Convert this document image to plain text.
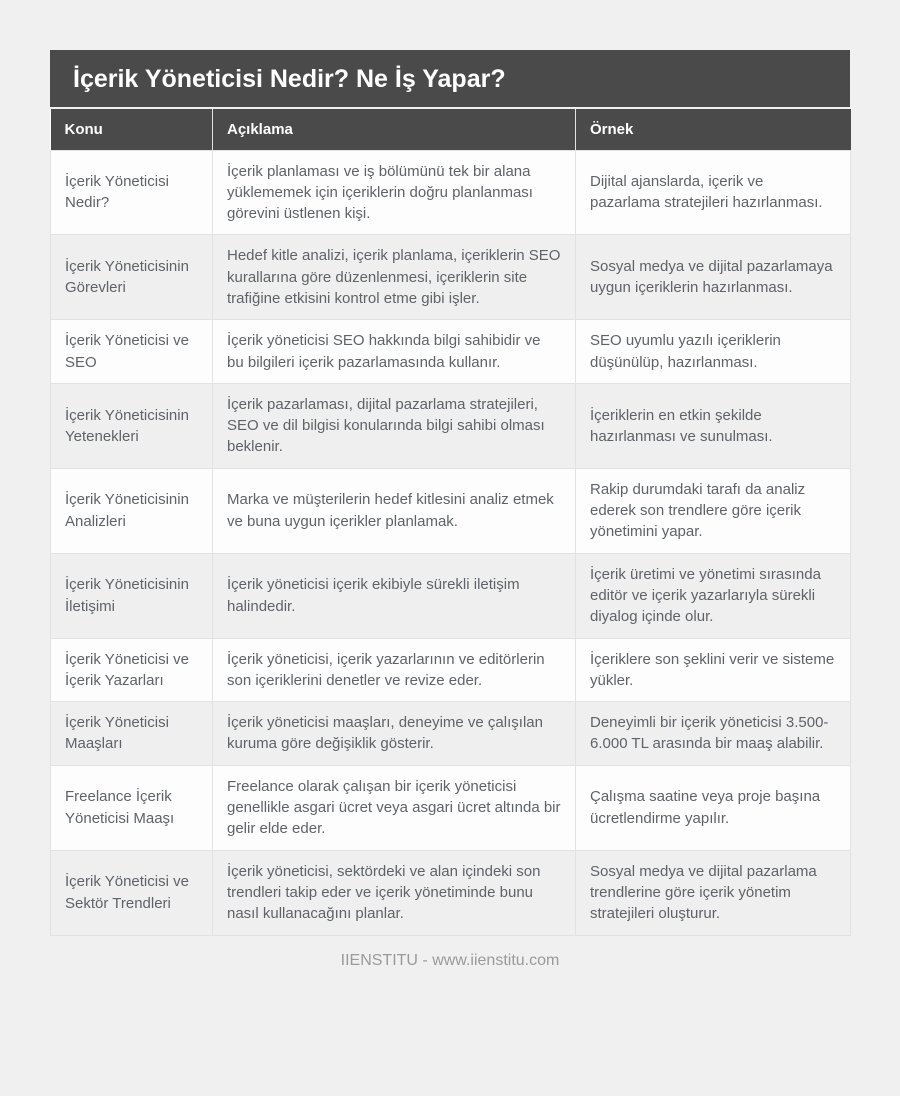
İçerik Yöneticisi Nedir? Ne İş Yapar?
Konu	Açıklama	Örnek
İçerik Yöneticisi Nedir?	İçerik planlaması ve iş bölümünü tek bir alana yüklememek için içeriklerin doğru planlanması görevini üstlenen kişi.	Dijital ajanslarda, içerik ve pazarlama stratejileri hazırlanması.
İçerik Yöneticisinin Görevleri	Hedef kitle analizi, içerik planlama, içeriklerin SEO kurallarına göre düzenlenmesi, içeriklerin site trafiğine etkisini kontrol etme gibi işler.	Sosyal medya ve dijital pazarlamaya uygun içeriklerin hazırlanması.
İçerik Yöneticisi ve SEO	İçerik yöneticisi SEO hakkında bilgi sahibidir ve bu bilgileri içerik pazarlamasında kullanır.	SEO uyumlu yazılı içeriklerin düşünülüp, hazırlanması.
İçerik Yöneticisinin Yetenekleri	İçerik pazarlaması, dijital pazarlama stratejileri, SEO ve dil bilgisi konularında bilgi sahibi olması beklenir.	İçeriklerin en etkin şekilde hazırlanması ve sunulması.
İçerik Yöneticisinin Analizleri	Marka ve müşterilerin hedef kitlesini analiz etmek ve buna uygun içerikler planlamak.	Rakip durumdaki tarafı da analiz ederek son trendlere göre içerik yönetimini yapar.
İçerik Yöneticisinin İletişimi	İçerik yöneticisi içerik ekibiyle sürekli iletişim halindedir.	İçerik üretimi ve yönetimi sırasında editör ve içerik yazarlarıyla sürekli diyalog içinde olur.
İçerik Yöneticisi ve İçerik Yazarları	İçerik yöneticisi, içerik yazarlarının ve editörlerin son içeriklerini denetler ve revize eder.	İçeriklere son şeklini verir ve sisteme yükler.
İçerik Yöneticisi Maaşları	İçerik yöneticisi maaşları, deneyime ve çalışılan kuruma göre değişiklik gösterir.	Deneyimli bir içerik yöneticisi 3.500-6.000 TL arasında bir maaş alabilir.
Freelance İçerik Yöneticisi Maaşı	Freelance olarak çalışan bir içerik yöneticisi genellikle asgari ücret veya asgari ücret altında bir gelir elde eder.	Çalışma saatine veya proje başına ücretlendirme yapılır.
İçerik Yöneticisi ve Sektör Trendleri	İçerik yöneticisi, sektördeki ve alan içindeki son trendleri takip eder ve içerik yönetiminde bunu nasıl kullanacağını planlar.	Sosyal medya ve dijital pazarlama trendlerine göre içerik yönetim stratejileri oluşturur.
IIENSTITU - www.iienstitu.com
